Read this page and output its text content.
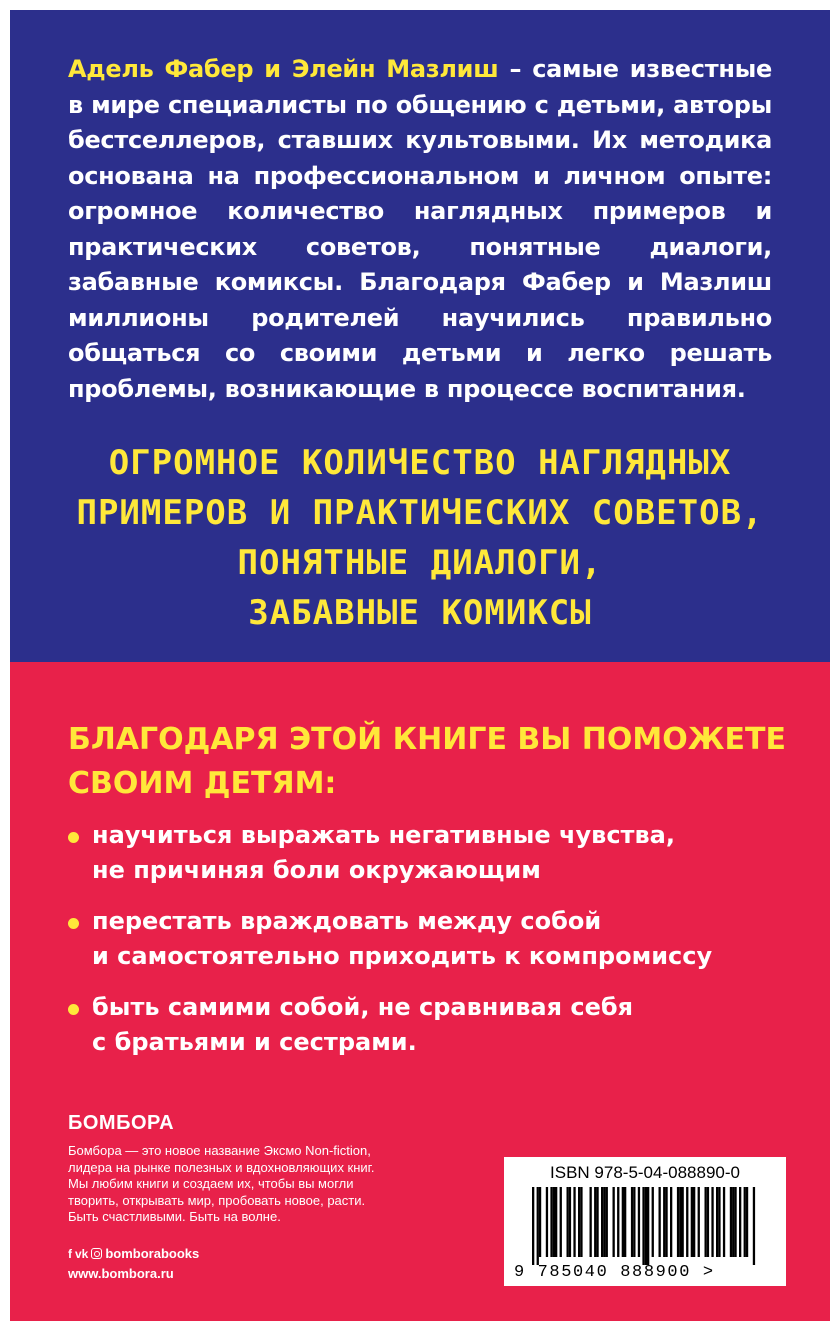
Адель Фабер и Элейн Мазлиш – самые известные в мире специалисты по общению с детьми, авторы бестселлеров, ставших культовыми. Их методика основана на профессиональном и личном опыте: огромное количество наглядных примеров и практических советов, понятные диалоги, забавные комиксы. Благодаря Фабер и Мазлиш миллионы родителей научились правильно общаться со своими детьми и легко решать проблемы, возникающие в процессе воспитания.

ОГРОМНОЕ КОЛИЧЕСТВО НАГЛЯДНЫХ
ПРИМЕРОВ И ПРАКТИЧЕСКИХ СОВЕТОВ,
ПОНЯТНЫЕ ДИАЛОГИ,
ЗАБАВНЫЕ КОМИКСЫ
БЛАГОДАРЯ ЭТОЙ КНИГЕ ВЫ ПОМОЖЕТЕ
СВОИМ ДЕТЯМ:
научиться выражать негативные чувства,
не причиняя боли окружающим
перестать враждовать между собой
и самостоятельно приходить к компромиссу
быть самими собой, не сравнивая себя
с братьями и сестрами.
БОМБОРА
Бомбора — это новое название Эксмо Non-fiction,
лидера на рынке полезных и вдохновляющих книг.
Мы любим книги и создаем их, чтобы вы могли
творить, открывать мир, пробовать новое, расти.
Быть счастливыми. Быть на волне.
f vk bomborabooks
www.bombora.ru
ISBN 978-5-04-088890-0
9 785040 888900 >
